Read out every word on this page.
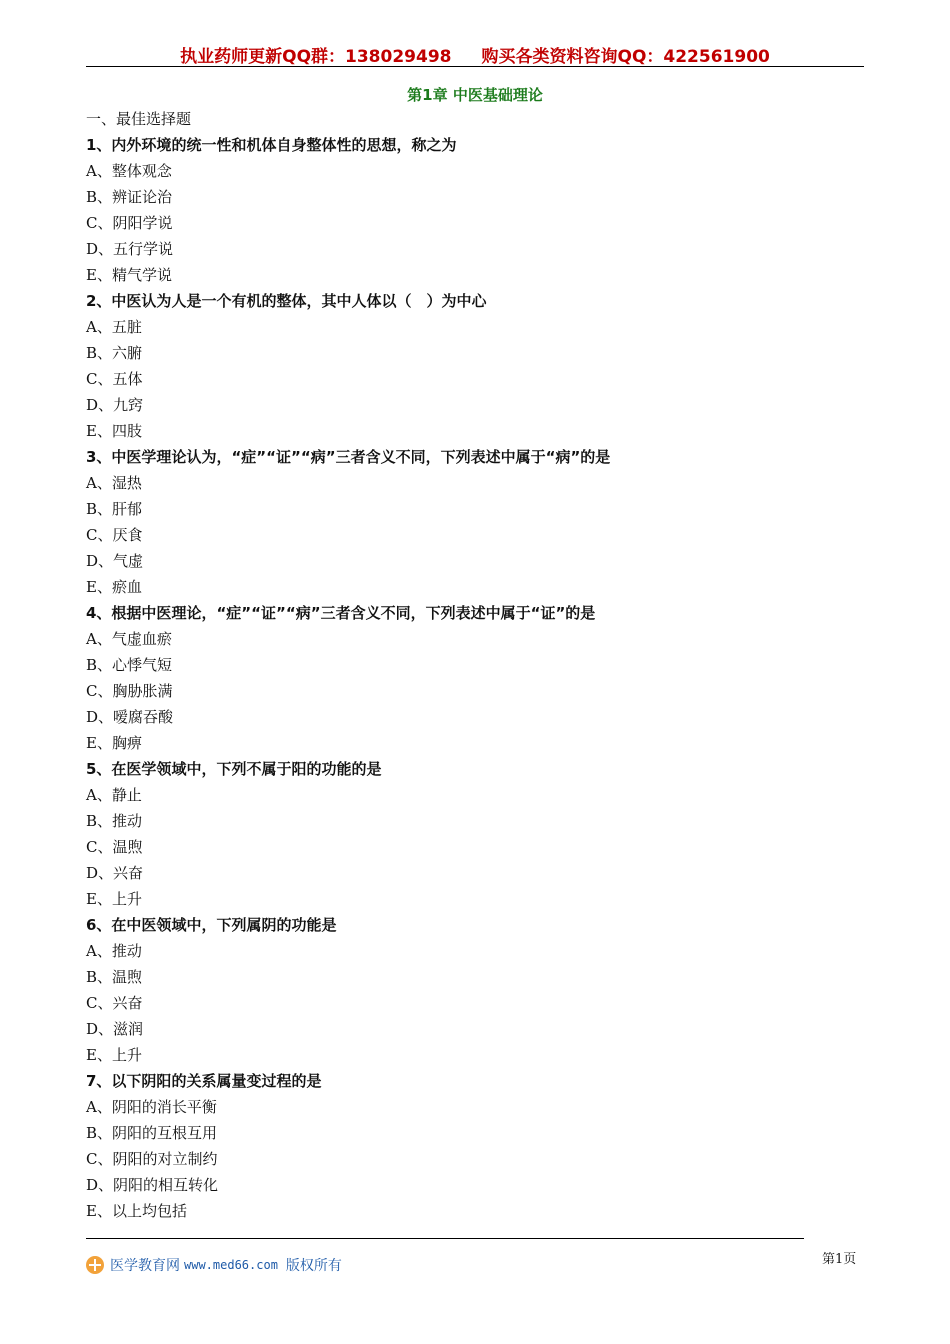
执业药师更新QQ群：138029498 购买各类资料咨询QQ：422561900
第1章 中医基础理论
一、最佳选择题
1、内外环境的统一性和机体自身整体性的思想，称之为
A、整体观念
B、辨证论治
C、阴阳学说
D、五行学说
E、精气学说
2、中医认为人是一个有机的整体，其中人体以（　）为中心
A、五脏
B、六腑
C、五体
D、九窍
E、四肢
3、中医学理论认为，“症”“证”“病”三者含义不同，下列表述中属于“病”的是
A、湿热
B、肝郁
C、厌食
D、气虚
E、瘀血
4、根据中医理论，“症”“证”“病”三者含义不同，下列表述中属于“证”的是
A、气虚血瘀
B、心悸气短
C、胸胁胀满
D、嗳腐吞酸
E、胸痹
5、在医学领域中，下列不属于阳的功能的是
A、静止
B、推动
C、温煦
D、兴奋
E、上升
6、在中医领域中，下列属阴的功能是
A、推动
B、温煦
C、兴奋
D、滋润
E、上升
7、以下阴阳的关系属量变过程的是
A、阴阳的消长平衡
B、阴阳的互根互用
C、阴阳的对立制约
D、阴阳的相互转化
E、以上均包括
医学教育网 www.med66.com 版权所有	第1页
